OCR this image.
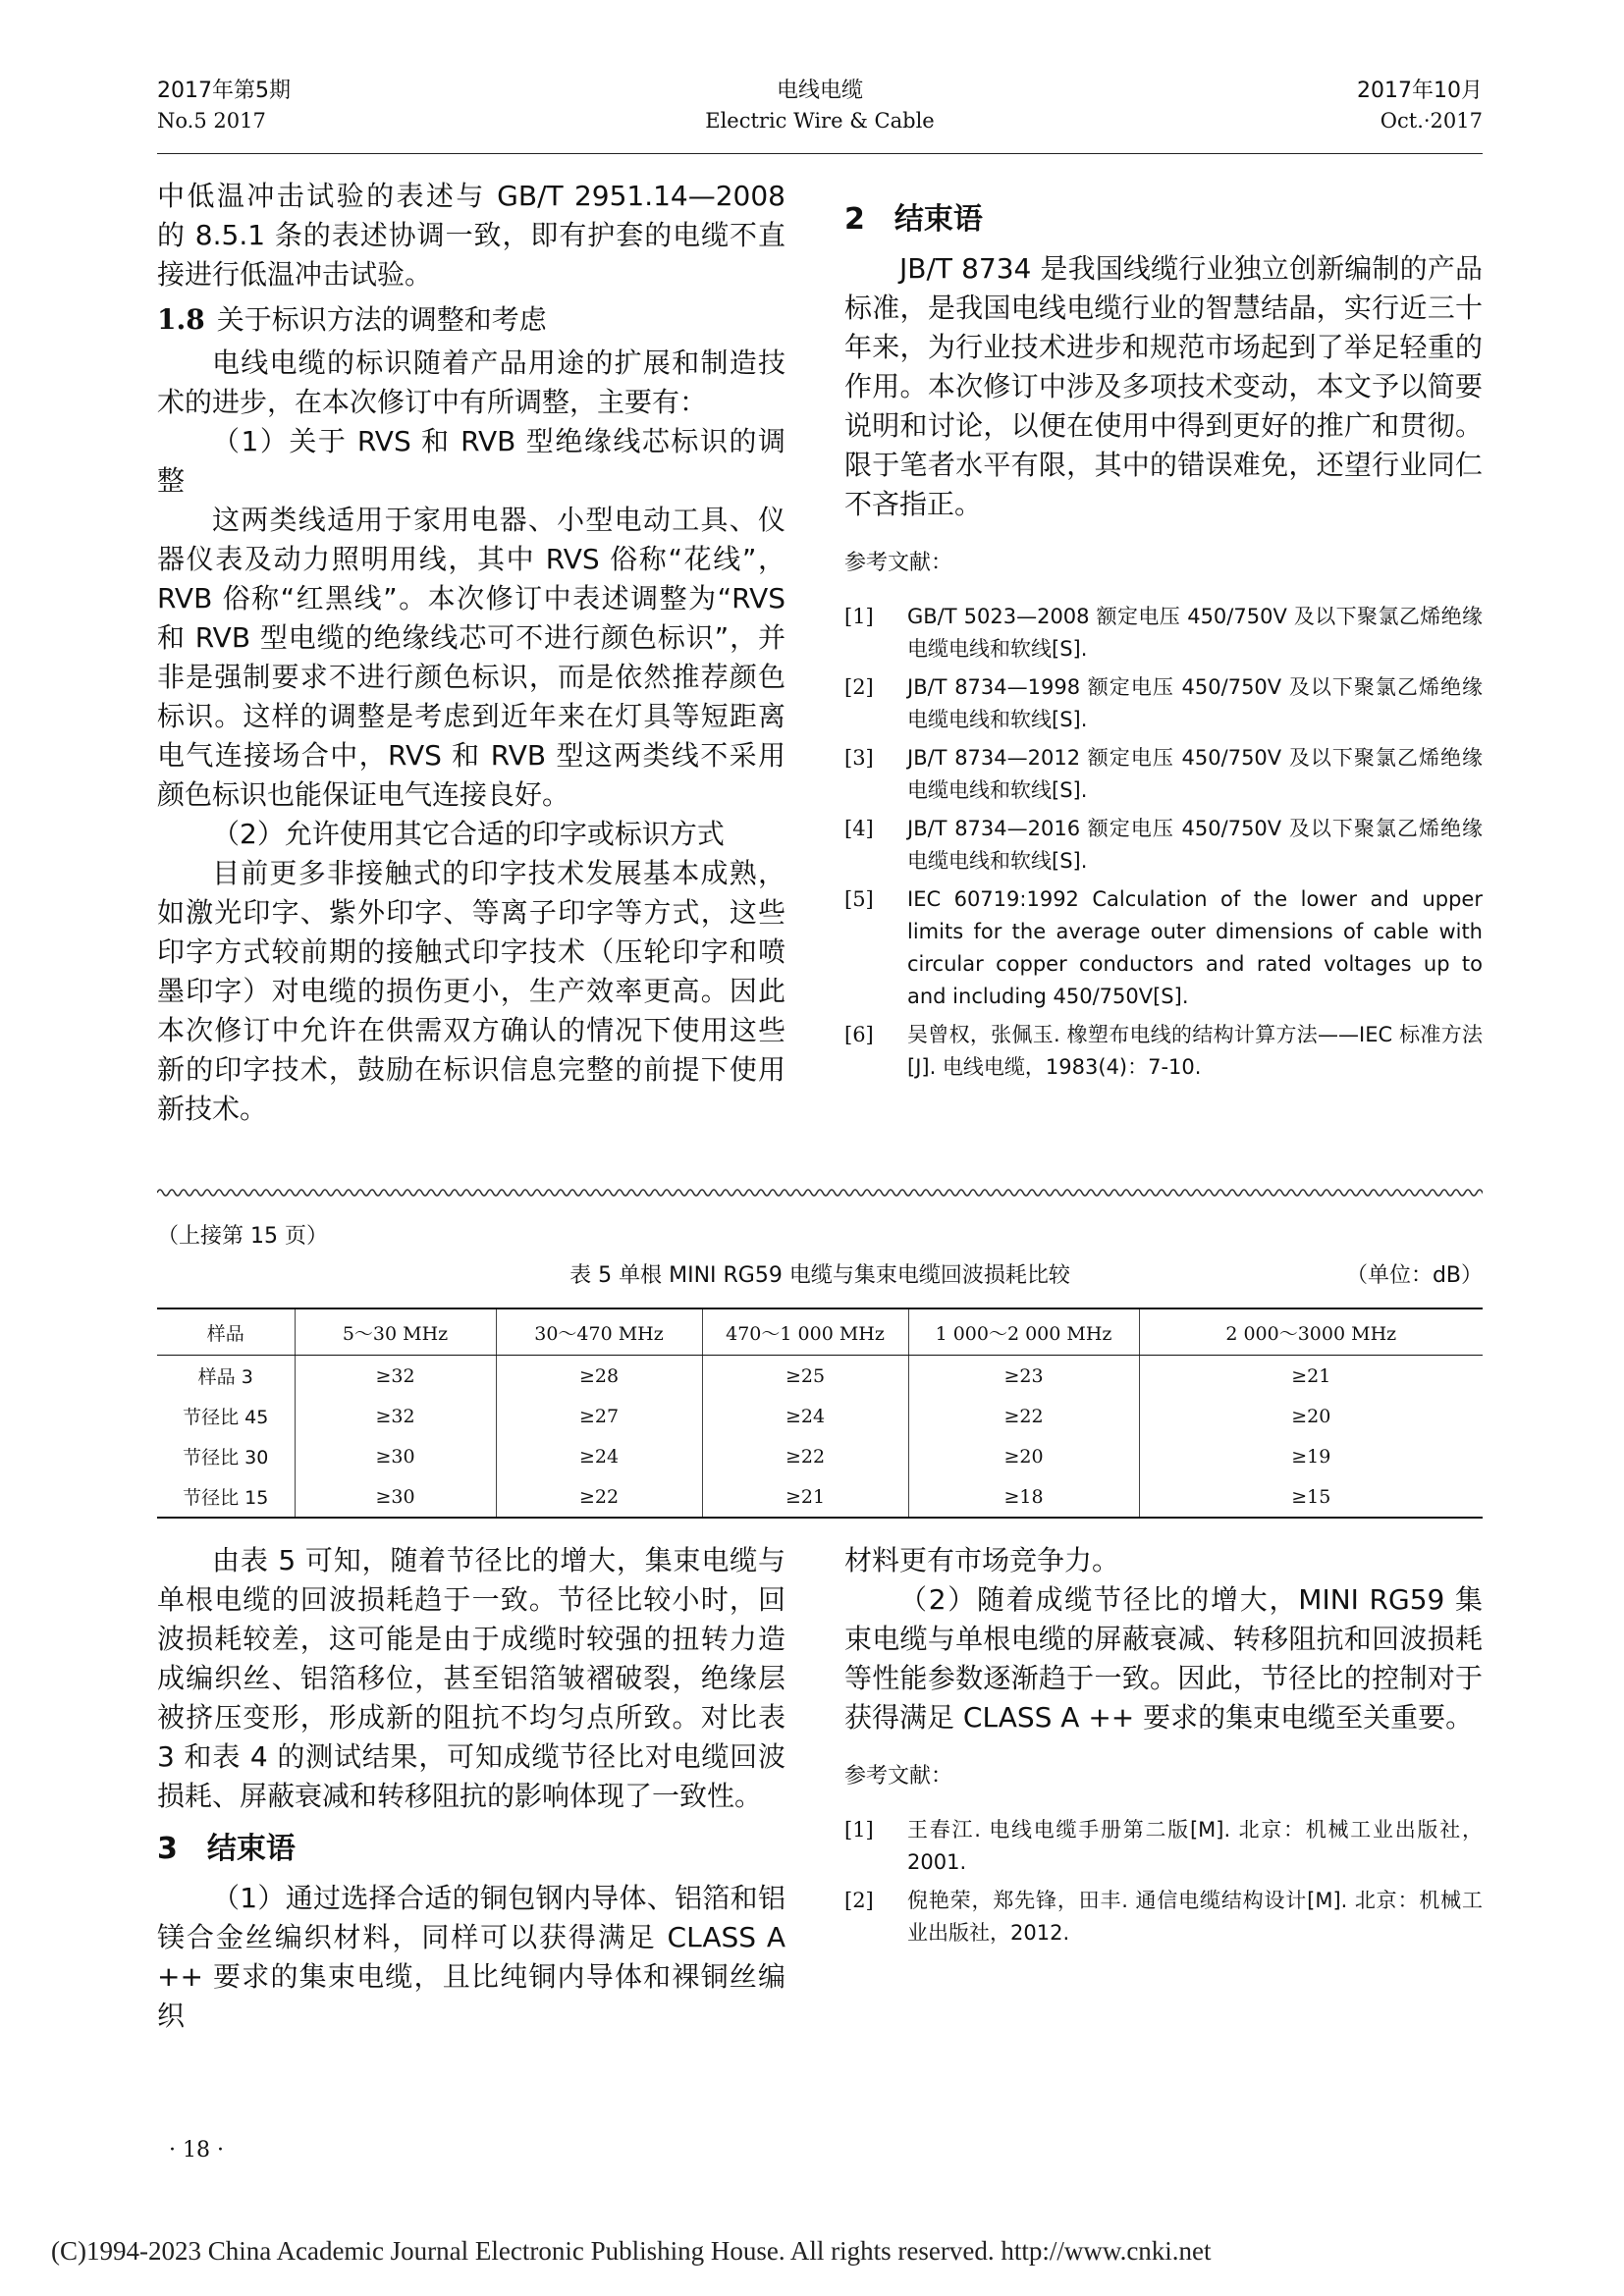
2017年第5期
No.5 2017
电线电缆
Electric Wire & Cable
2017年10月
Oct.·2017

中低温冲击试验的表述与 GB/T 2951.14—2008 的 8.5.1 条的表述协调一致，即有护套的电缆不直接进行低温冲击试验。

1.8 关于标识方法的调整和考虑

电线电缆的标识随着产品用途的扩展和制造技术的进步，在本次修订中有所调整，主要有：

（1）关于 RVS 和 RVB 型绝缘线芯标识的调整

这两类线适用于家用电器、小型电动工具、仪器仪表及动力照明用线，其中 RVS 俗称“花线”，RVB 俗称“红黑线”。本次修订中表述调整为“RVS 和 RVB 型电缆的绝缘线芯可不进行颜色标识”，并非是强制要求不进行颜色标识，而是依然推荐颜色标识。这样的调整是考虑到近年来在灯具等短距离电气连接场合中，RVS 和 RVB 型这两类线不采用颜色标识也能保证电气连接良好。

（2）允许使用其它合适的印字或标识方式

目前更多非接触式的印字技术发展基本成熟，如激光印字、紫外印字、等离子印字等方式，这些印字方式较前期的接触式印字技术（压轮印字和喷墨印字）对电缆的损伤更小，生产效率更高。因此本次修订中允许在供需双方确认的情况下使用这些新的印字技术，鼓励在标识信息完整的前提下使用新技术。

2 结束语

JB/T 8734 是我国线缆行业独立创新编制的产品标准，是我国电线电缆行业的智慧结晶，实行近三十年来，为行业技术进步和规范市场起到了举足轻重的作用。本次修订中涉及多项技术变动，本文予以简要说明和讨论，以便在使用中得到更好的推广和贯彻。限于笔者水平有限，其中的错误难免，还望行业同仁不吝指正。

参考文献：

[1]	GB/T 5023—2008 额定电压 450/750V 及以下聚氯乙烯绝缘电缆电线和软线[S].

[2]	JB/T 8734—1998 额定电压 450/750V 及以下聚氯乙烯绝缘电缆电线和软线[S].

[3]	JB/T 8734—2012 额定电压 450/750V 及以下聚氯乙烯绝缘电缆电线和软线[S].

[4]	JB/T 8734—2016 额定电压 450/750V 及以下聚氯乙烯绝缘电缆电线和软线[S].

[5]	IEC 60719:1992 Calculation of the lower and upper limits for the average outer dimensions of cable with circular copper conductors and rated voltages up to and including 450/750V[S].

[6]	吴曾权，张佩玉. 橡塑布电线的结构计算方法——IEC 标准方法[J]. 电线电缆，1983(4)：7-10.

（上接第 15 页）
表 5 单根 MINI RG59 电缆与集束电缆回波损耗比较	（单位：dB）
样品	5～30 MHz	30～470 MHz	470～1 000 MHz	1 000～2 000 MHz	2 000～3000 MHz
样品 3	≥32	≥28	≥25	≥23	≥21
节径比 45	≥32	≥27	≥24	≥22	≥20
节径比 30	≥30	≥24	≥22	≥20	≥19
节径比 15	≥30	≥22	≥21	≥18	≥15

由表 5 可知，随着节径比的增大，集束电缆与单根电缆的回波损耗趋于一致。节径比较小时，回波损耗较差，这可能是由于成缆时较强的扭转力造成编织丝、铝箔移位，甚至铝箔皱褶破裂，绝缘层被挤压变形，形成新的阻抗不均匀点所致。对比表 3 和表 4 的测试结果，可知成缆节径比对电缆回波损耗、屏蔽衰减和转移阻抗的影响体现了一致性。

3 结束语

（1）通过选择合适的铜包钢内导体、铝箔和铝镁合金丝编织材料，同样可以获得满足 CLASS A ++ 要求的集束电缆，且比纯铜内导体和裸铜丝编织

材料更有市场竞争力。

（2）随着成缆节径比的增大，MINI RG59 集束电缆与单根电缆的屏蔽衰减、转移阻抗和回波损耗等性能参数逐渐趋于一致。因此，节径比的控制对于获得满足 CLASS A ++ 要求的集束电缆至关重要。

参考文献：

[1]	王春江. 电线电缆手册第二版[M]. 北京：机械工业出版社，2001.

[2]	倪艳荣，郑先锋，田丰. 通信电缆结构设计[M]. 北京：机械工业出版社，2012.

· 18 ·
(C)1994-2023 China Academic Journal Electronic Publishing House. All rights reserved. http://www.cnki.net
